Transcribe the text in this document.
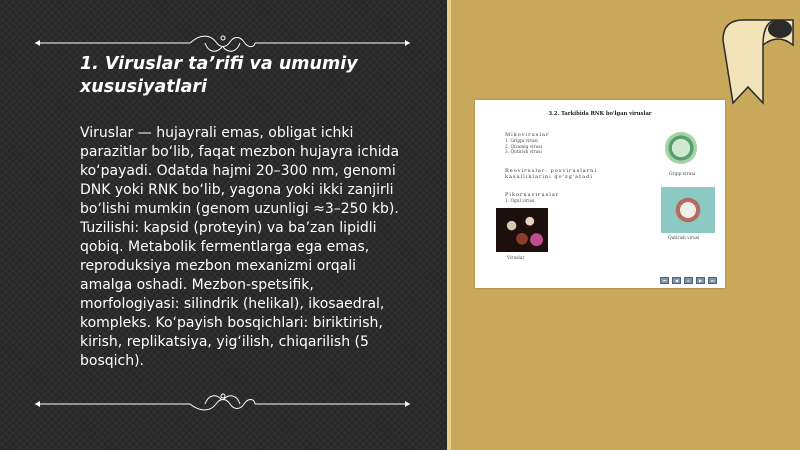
1. Viruslar ta’rifi va umumiy xususiyatlari

Viruslar — hujayrali emas, obligat ichki parazitlar bo‘lib, faqat mezbon hujayra ichida ko‘payadi. Odatda hajmi 20–300 nm, genomi DNK yoki RNK bo‘lib, yagona yoki ikki zanjirli bo‘lishi mumkin (genom uzunligi ≈3–250 kb). Tuzilishi: kapsid (proteyin) va ba’zan lipidli qobiq. Metabolik fermentlarga ega emas, reproduksiya mezbon mexanizmi orqali amalga oshadi. Mezbon-spetsifik, morfologiyasi: silindrik (helikal), ikosaedral, kompleks. Ko‘payish bosqichlari: biriktirish, kirish, replikatsiya, yig‘ilish, chiqarilish (5 bosqich).

3.2. Tarkibida RNK bo'lgan viruslar
Mikoviruslar
1. Grippi virusi
2. Qizamiq virusi
3. Qutirish virusi
Reoviruslar: poxviruslarni kasalliklarini qo'zg'atadi
Pikornaviruslar
1. Ogul virusi
Gripp virusi
Qutirish virusi
Viruslar
⏮	◀	⌂	▶	⏭
